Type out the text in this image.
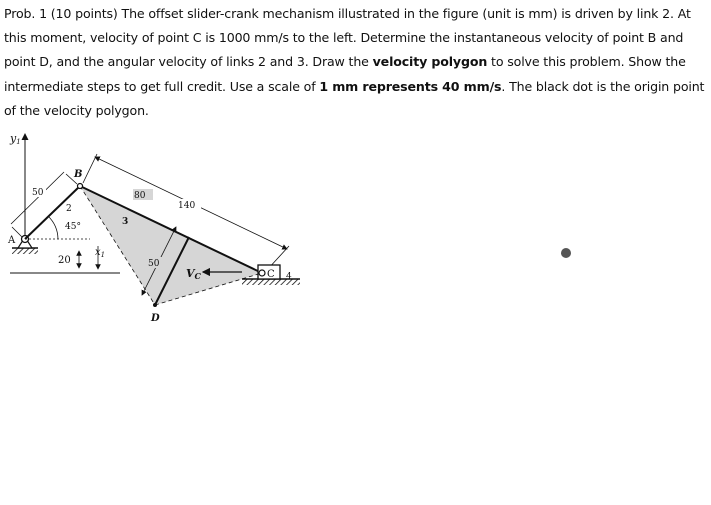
Prob. 1 (10 points) The offset slider-crank mechanism illustrated in the figure (unit is mm) is driven by link 2. At this moment, velocity of point C is 1000 mm/s to the left. Determine the instantaneous velocity of point B and point D, and the angular velocity of links 2 and 3. Draw the velocity polygon to solve this problem. Show the intermediate steps to get full credit. Use a scale of 1 mm represents 40 mm/s. The black dot is the origin point of the velocity polygon.
y1
A
2
50
45°
20
$x_1$
B
D
3
80
140
50
VC	C 4
